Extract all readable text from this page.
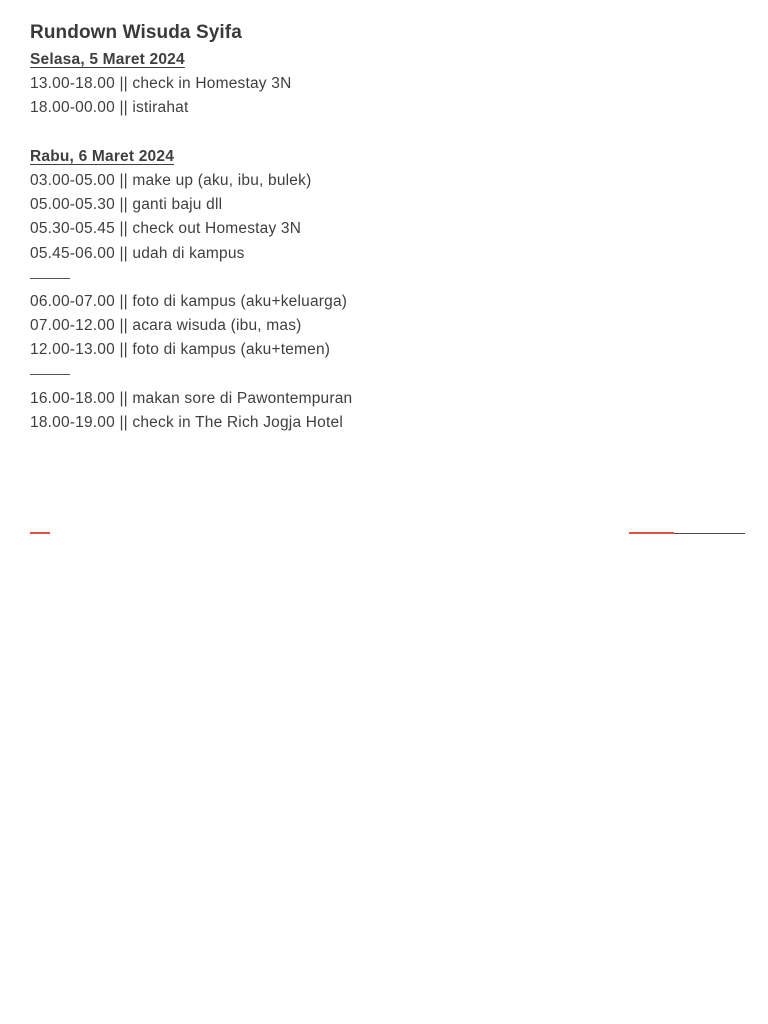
Rundown Wisuda Syifa
Selasa, 5 Maret 2024
13.00-18.00 || check in Homestay 3N
18.00-00.00 || istirahat
Rabu, 6 Maret 2024
03.00-05.00 || make up (aku, ibu, bulek)
05.00-05.30 || ganti baju dll
05.30-05.45 || check out Homestay 3N
05.45-06.00 || udah di kampus
06.00-07.00 || foto di kampus (aku+keluarga)
07.00-12.00 || acara wisuda (ibu, mas)
12.00-13.00 || foto di kampus (aku+temen)
16.00-18.00 || makan sore di Pawontempuran
18.00-19.00 || check in The Rich Jogja Hotel
